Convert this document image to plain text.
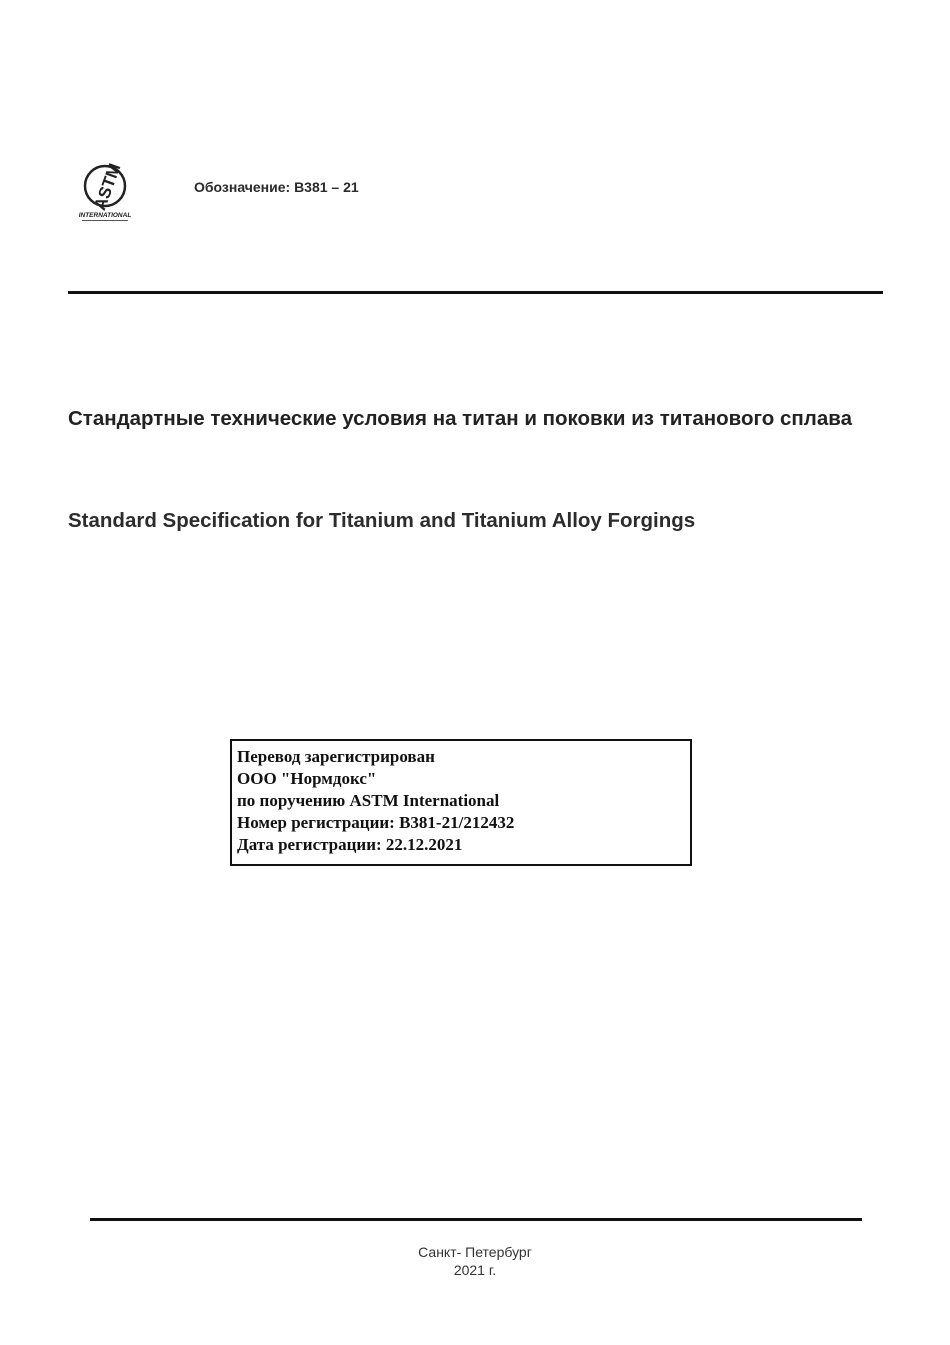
ASTM
INTERNATIONAL
Обозначение: B381 – 21
Стандартные технические условия на титан и поковки из титанового сплава
Standard Specification for Titanium and Titanium Alloy Forgings
Перевод зарегистрирован
ООО "Нормдокс"
по поручению ASTM International
Номер регистрации: B381-21/212432
Дата регистрации: 22.12.2021
Санкт- Петербург
2021 г.
